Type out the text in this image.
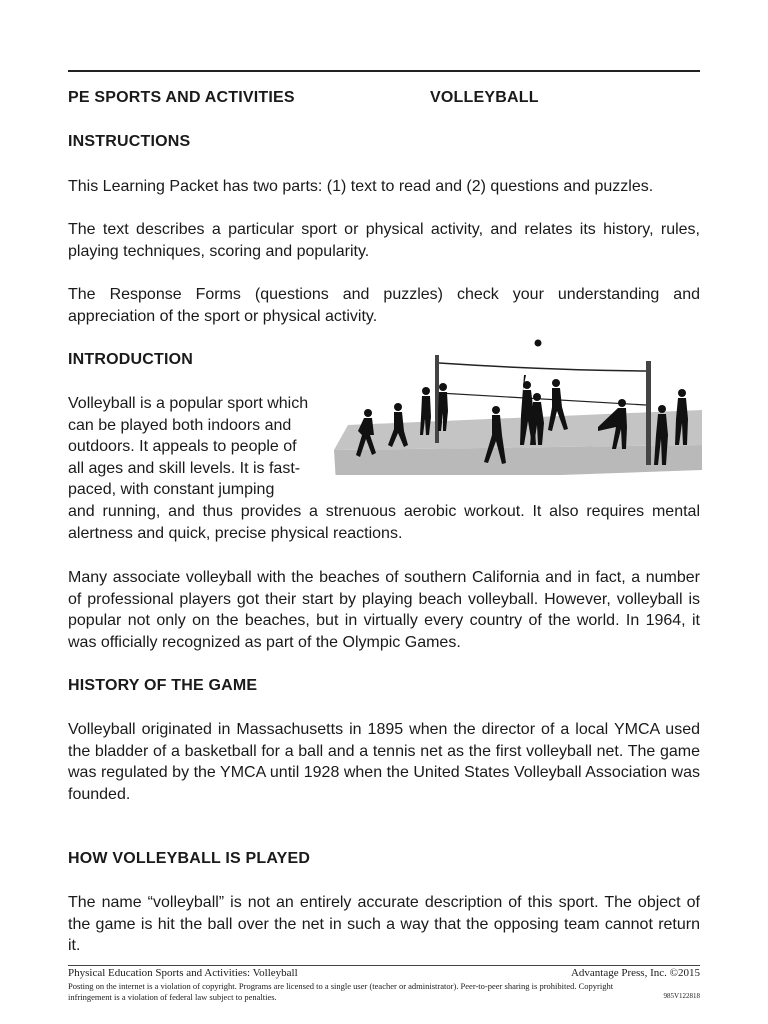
PE SPORTS AND ACTIVITIES	VOLLEYBALL
INSTRUCTIONS
This Learning Packet has two parts: (1) text to read and (2) questions and puzzles.
The text describes a particular sport or physical activity, and relates its history, rules, playing techniques, scoring and popularity.
The Response Forms (questions and puzzles) check your understanding and appreciation of the sport or physical activity.
INTRODUCTION
Volleyball is a popular sport which
can be played both indoors and
outdoors. It appeals to people of
all ages and skill levels. It is fast-
paced, with constant jumping
and running, and thus provides a strenuous aerobic workout. It also requires mental alertness and quick, precise physical reactions.
Many associate volleyball with the beaches of southern California and in fact, a number of professional players got their start by playing beach volleyball. However, volleyball is popular not only on the beaches, but in virtually every country of the world. In 1964, it was officially recognized as part of the Olympic Games.
HISTORY OF THE GAME
Volleyball originated in Massachusetts in 1895 when the director of a local YMCA used the bladder of a basketball for a ball and a tennis net as the first volleyball net. The game was regulated by the YMCA until 1928 when the United States Volleyball Association was founded.
HOW VOLLEYBALL IS PLAYED
The name “volleyball” is not an entirely accurate description of this sport. The object of the game is hit the ball over the net in such a way that the opposing team cannot return it.
Physical Education Sports and Activities: Volleyball	Advantage Press, Inc. ©2015
Posting on the internet is a violation of copyright. Programs are licensed to a single user (teacher or administrator). Peer-to-peer sharing is prohibited. Copyright infringement is a violation of federal law subject to penalties.	985V122818
